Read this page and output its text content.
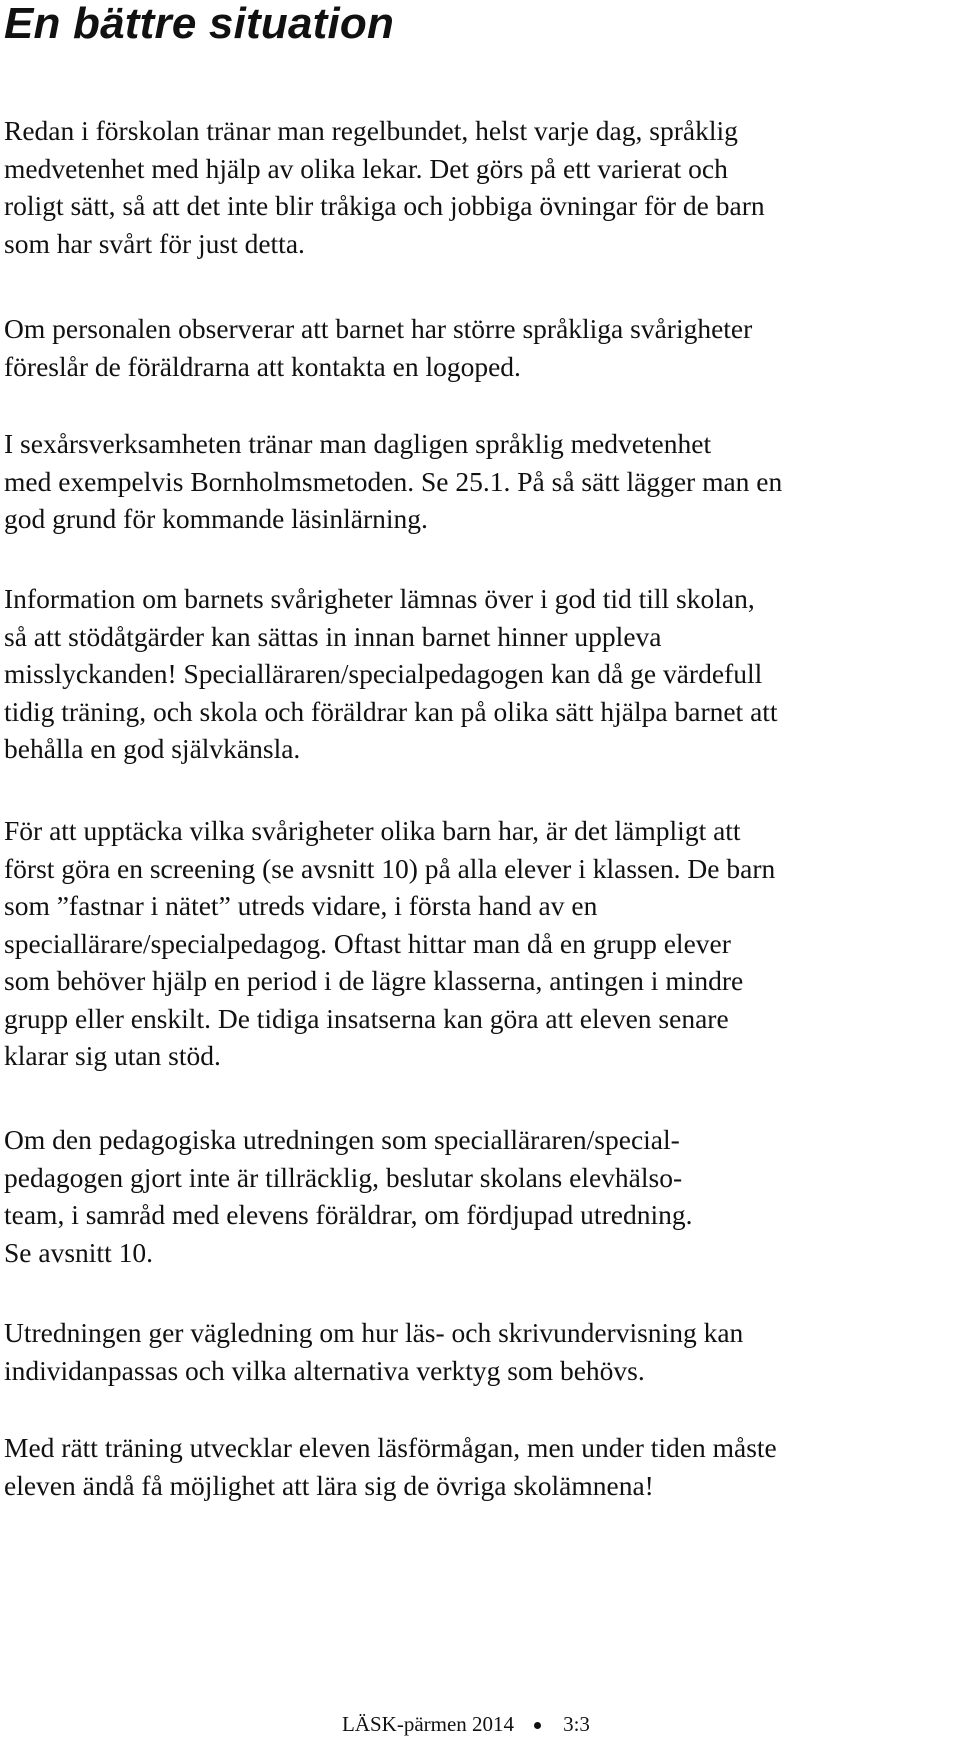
En bättre situation

Redan i förskolan tränar man regelbundet, helst varje dag, språklig
medvetenhet med hjälp av olika lekar. Det görs på ett varierat och
roligt sätt, så att det inte blir tråkiga och jobbiga övningar för de barn
som har svårt för just detta.

Om personalen observerar att barnet har större språkliga svårigheter
föreslår de föräldrarna att kontakta en logoped.

I sexårsverksamheten tränar man dagligen språklig medvetenhet
med exempelvis Bornholmsmetoden. Se 25.1. På så sätt lägger man en
god grund för kommande läsinlärning.

Information om barnets svårigheter lämnas över i god tid till skolan,
så att stödåtgärder kan sättas in innan barnet hinner uppleva
misslyckanden! Specialläraren/specialpedagogen kan då ge värdefull
tidig träning, och skola och föräldrar kan på olika sätt hjälpa barnet att
behålla en god självkänsla.

För att upptäcka vilka svårigheter olika barn har, är det lämpligt att
först göra en screening (se avsnitt 10) på alla elever i klassen. De barn
som ”fastnar i nätet” utreds vidare, i första hand av en
speciallärare/specialpedagog. Oftast hittar man då en grupp elever
som behöver hjälp en period i de lägre klasserna, antingen i mindre
grupp eller enskilt. De tidiga insatserna kan göra att eleven senare
klarar sig utan stöd.

Om den pedagogiska utredningen som specialläraren/special-
pedagogen gjort inte är tillräcklig, beslutar skolans elevhälso-
team, i samråd med elevens föräldrar, om fördjupad utredning.
Se avsnitt 10.

Utredningen ger vägledning om hur läs- och skrivundervisning kan
individanpassas och vilka alternativa verktyg som behövs.

Med rätt träning utvecklar eleven läsförmågan, men under tiden måste
eleven ändå få möjlighet att lära sig de övriga skolämnena!

LÄSK-pärmen 2014 3:3
